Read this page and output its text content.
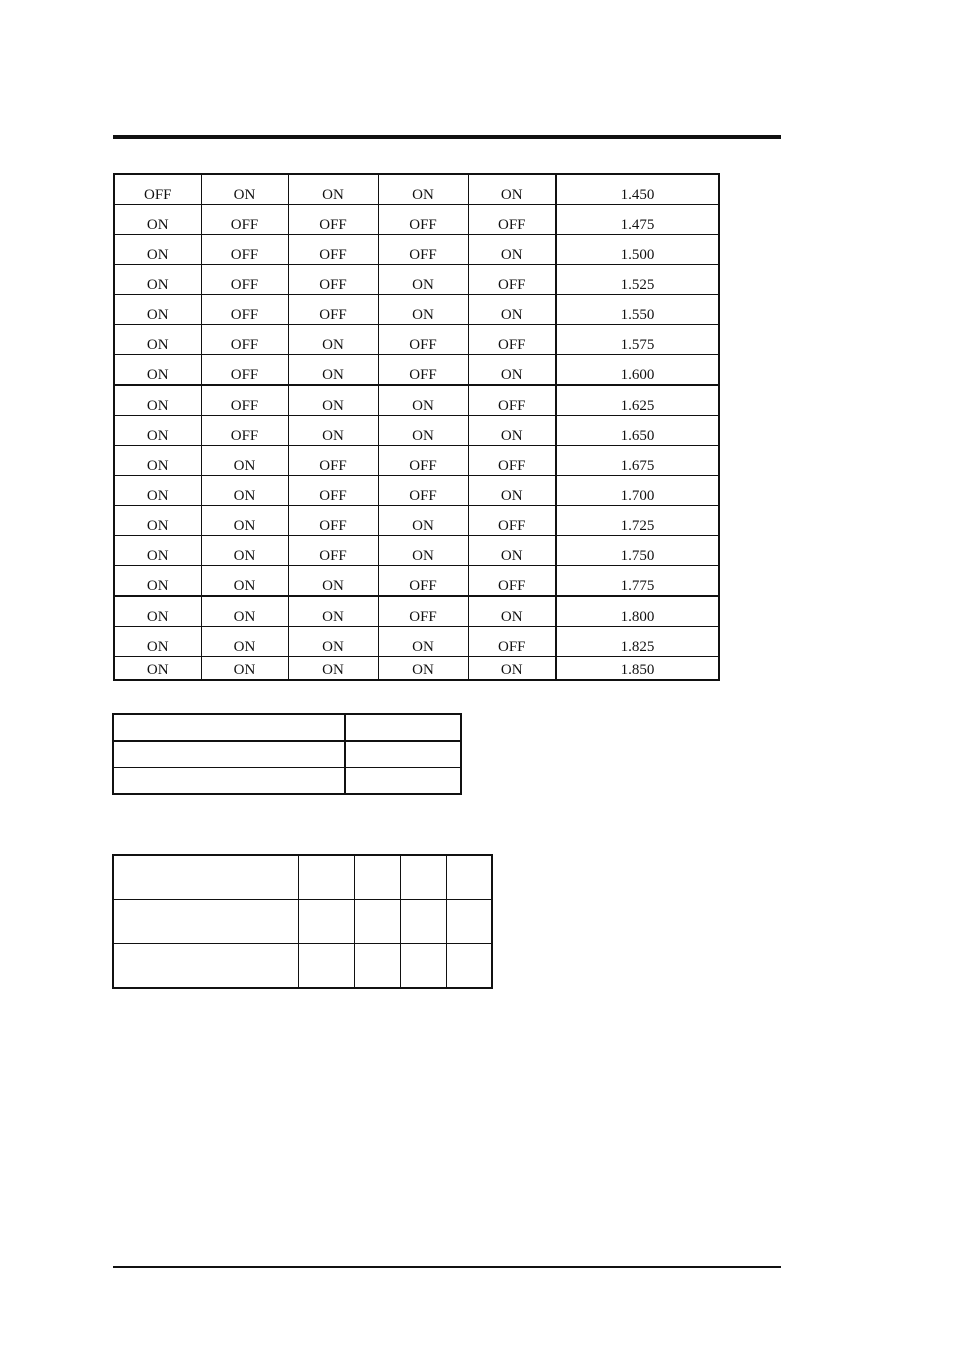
OFF	ON	ON	ON	ON	1.450
ON	OFF	OFF	OFF	OFF	1.475
ON	OFF	OFF	OFF	ON	1.500
ON	OFF	OFF	ON	OFF	1.525
ON	OFF	OFF	ON	ON	1.550
ON	OFF	ON	OFF	OFF	1.575
ON	OFF	ON	OFF	ON	1.600
ON	OFF	ON	ON	OFF	1.625
ON	OFF	ON	ON	ON	1.650
ON	ON	OFF	OFF	OFF	1.675
ON	ON	OFF	OFF	ON	1.700
ON	ON	OFF	ON	OFF	1.725
ON	ON	OFF	ON	ON	1.750
ON	ON	ON	OFF	OFF	1.775
ON	ON	ON	OFF	ON	1.800
ON	ON	ON	ON	OFF	1.825
ON	ON	ON	ON	ON	1.850
